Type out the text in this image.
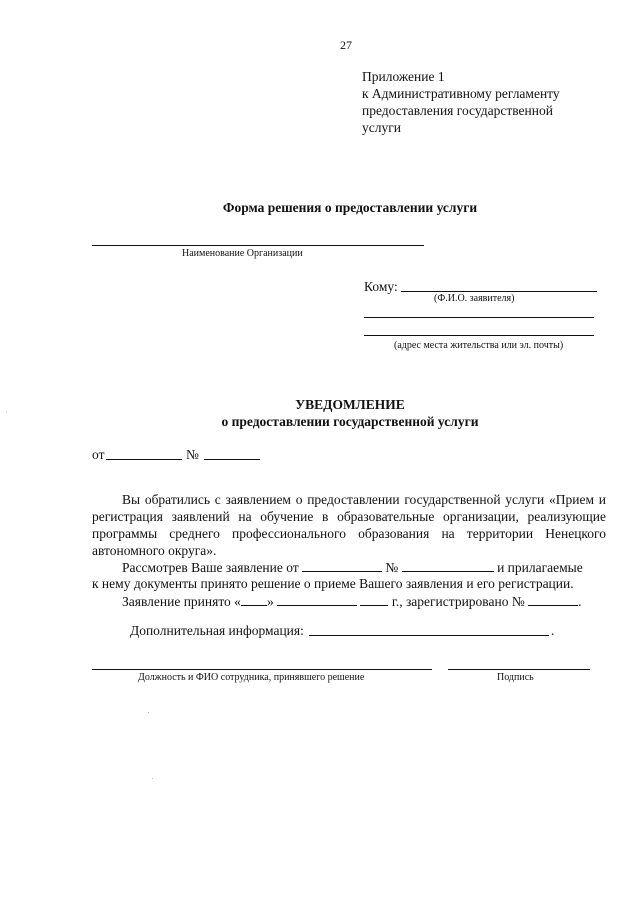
27
Приложение 1
к Административному регламенту
предоставления государственной
услуги
Форма решения о предоставлении услуги
Наименование Организации
Кому:
(Ф.И.О. заявителя)
(адрес места жительства или эл. почты)
УВЕДОМЛЕНИЕ
о предоставлении государственной услуги
от	№
Вы обратились с заявлением о предоставлении государственной услуги «Прием и регистрация заявлений на обучение в образовательные организации, реализующие программы среднего профессионального образования на территории Ненецкого автономного округа».
Рассмотрев Ваше заявление от	№	и прилагаемые
к нему документы принято решение о приеме Вашего заявления и его регистрации.
Заявление принято « »	г., зарегистрировано №	.
Дополнительная информация:	.
Должность и ФИО сотрудника, принявшего решение	Подпись
